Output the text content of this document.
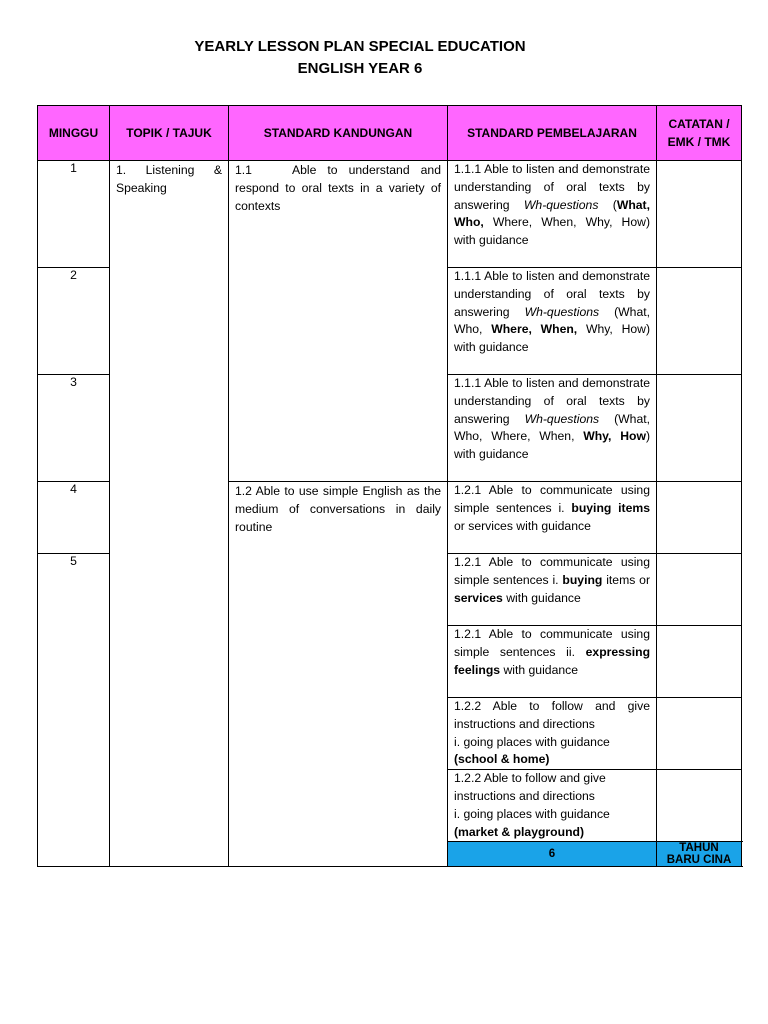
YEARLY LESSON PLAN SPECIAL EDUCATION
ENGLISH YEAR 6
MINGGU	TOPIK / TAJUK	STANDARD KANDUNGAN	STANDARD PEMBELAJARAN	CATATAN / EMK / TMK
1	1. Listening & Speaking	1.1 Able to understand and respond to oral texts in a variety of contexts	1.1.1 Able to listen and demonstrate understanding of oral texts by answering Wh-questions (What, Who, Where, When, Why, How) with guidance	
2			1.1.1 Able to listen and demonstrate understanding of oral texts by answering Wh-questions (What, Who, Where, When, Why, How) with guidance	
3			1.1.1 Able to listen and demonstrate understanding of oral texts by answering Wh-questions (What, Who, Where, When, Why, How) with guidance	
4		1.2 Able to use simple English as the medium of conversations in daily routine	1.2.1 Able to communicate using simple sentences i. buying items or services with guidance	
5			1.2.1 Able to communicate using simple sentences i. buying items or services with guidance	
			1.2.1 Able to communicate using simple sentences ii. expressing feelings with guidance	
			1.2.2 Able to follow and give instructions and directions
i. going places with guidance
(school & home)	
			1.2.2 Able to follow and give instructions and directions
i. going places with guidance
(market & playground)	
			6	TAHUN BARU CINA
